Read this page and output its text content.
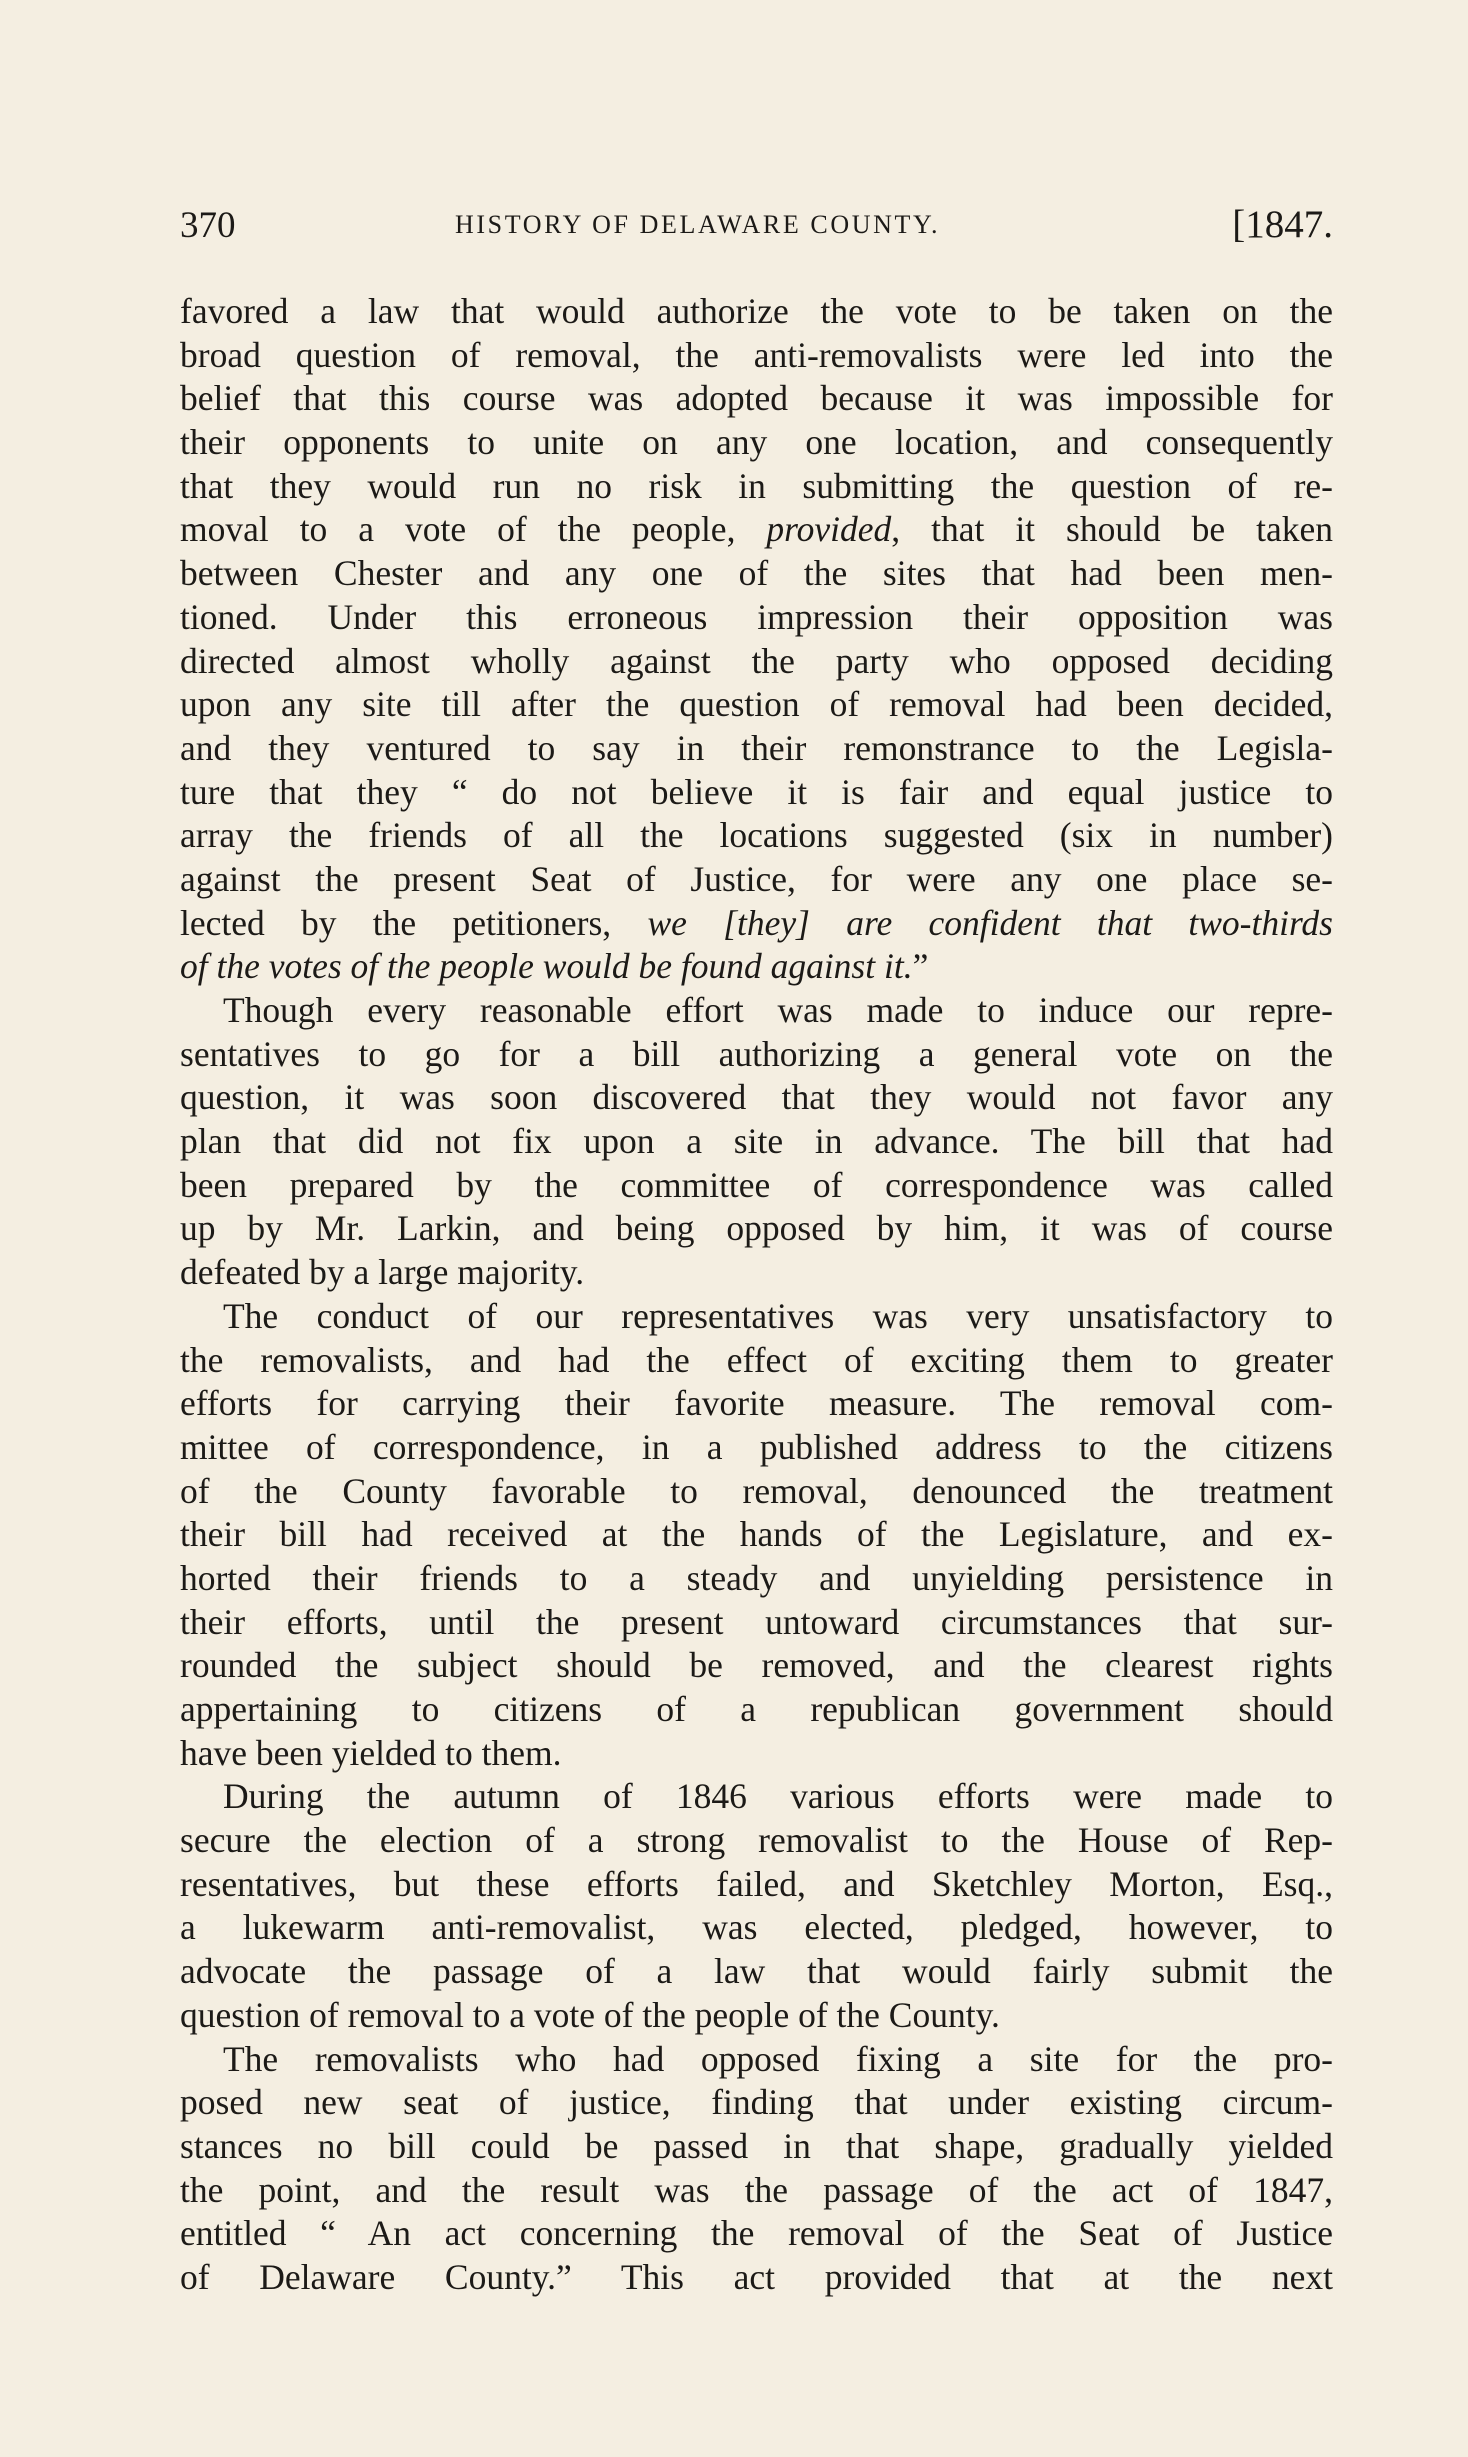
370	HISTORY OF DELAWARE COUNTY.	[1847.
favored a law that would authorize the vote to be taken on the
broad question of removal, the anti-removalists were led into the
belief that this course was adopted because it was impossible for
their opponents to unite on any one location, and consequently
that they would run no risk in submitting the question of re-
moval to a vote of the people, provided, that it should be taken
between Chester and any one of the sites that had been men-
tioned. Under this erroneous impression their opposition was
directed almost wholly against the party who opposed deciding
upon any site till after the question of removal had been decided,
and they ventured to say in their remonstrance to the Legisla-
ture that they “ do not believe it is fair and equal justice to
array the friends of all the locations suggested (six in number)
against the present Seat of Justice, for were any one place se-
lected by the petitioners, we [they] are confident that two-thirds
of the votes of the people would be found against it.”
Though every reasonable effort was made to induce our repre-
sentatives to go for a bill authorizing a general vote on the
question, it was soon discovered that they would not favor any
plan that did not fix upon a site in advance. The bill that had
been prepared by the committee of correspondence was called
up by Mr. Larkin, and being opposed by him, it was of course
defeated by a large majority.
The conduct of our representatives was very unsatisfactory to
the removalists, and had the effect of exciting them to greater
efforts for carrying their favorite measure. The removal com-
mittee of correspondence, in a published address to the citizens
of the County favorable to removal, denounced the treatment
their bill had received at the hands of the Legislature, and ex-
horted their friends to a steady and unyielding persistence in
their efforts, until the present untoward circumstances that sur-
rounded the subject should be removed, and the clearest rights
appertaining to citizens of a republican government should
have been yielded to them.
During the autumn of 1846 various efforts were made to
secure the election of a strong removalist to the House of Rep-
resentatives, but these efforts failed, and Sketchley Morton, Esq.,
a lukewarm anti-removalist, was elected, pledged, however, to
advocate the passage of a law that would fairly submit the
question of removal to a vote of the people of the County.
The removalists who had opposed fixing a site for the pro-
posed new seat of justice, finding that under existing circum-
stances no bill could be passed in that shape, gradually yielded
the point, and the result was the passage of the act of 1847,
entitled “ An act concerning the removal of the Seat of Justice
of Delaware County.” This act provided that at the next
